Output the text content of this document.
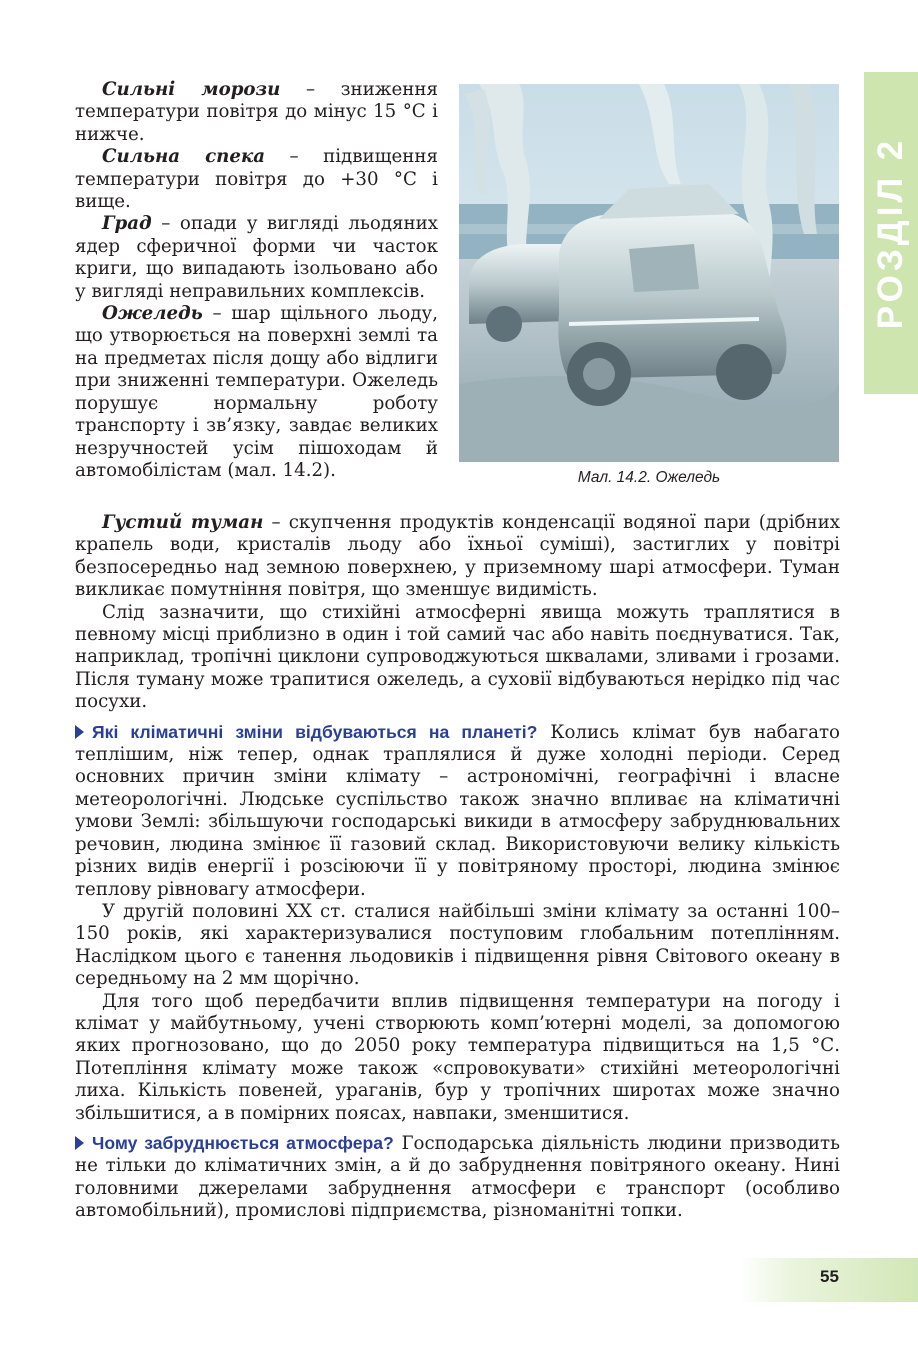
Сильні морози – зниження температури повітря до мінус 15 °С і нижче.

Сильна спека – підвищення температури повітря до +30 °С і вище.

Град – опади у вигляді льодяних ядер сферичної форми чи часток криги, що випадають ізольовано або у вигляді неправильних комплексів.

Ожеледь – шар щільного льоду, що утворюється на поверхні землі та на предметах після дощу або відлиги при зниженні температури. Ожеледь порушує нормальну роботу транспорту і зв’язку, завдає великих незручностей усім пішоходам й автомобілістам (мал. 14.2).	Мал. 14.2. Ожеледь

Густий туман – скупчення продуктів конденсації водяної пари (дрібних крапель води, кристалів льоду або їхньої суміші), застиглих у повітрі безпосередньо над земною поверхнею, у приземному шарі атмосфери. Туман викликає помутніння повітря, що зменшує видимість.

Слід зазначити, що стихійні атмосферні явища можуть траплятися в певному місці приблизно в один і той самий час або навіть поєднуватися. Так, наприклад, тропічні циклони супроводжуються шквалами, зливами і грозами. Після туману може трапитися ожеледь, а суховії відбуваються нерідко під час посухи.

Які кліматичні зміни відбуваються на планеті? Колись клімат був набагато теплішим, ніж тепер, однак траплялися й дуже холодні періоди. Серед основних причин зміни клімату – астрономічні, географічні і власне метеорологічні. Людське суспільство також значно впливає на кліматичні умови Землі: збільшуючи господарські викиди в атмосферу забруднювальних речовин, людина змінює її газовий склад. Використовуючи велику кількість різних видів енергії і розсіюючи її у повітряному просторі, людина змінює теплову рівновагу атмосфери.

У другій половині ХХ ст. сталися найбільші зміни клімату за останні 100–150 років, які характеризувалися поступовим глобальним потеплінням. Наслідком цього є танення льодовиків і підвищення рівня Світового океану в середньому на 2 мм щорічно.

Для того щоб передбачити вплив підвищення температури на погоду і клімат у майбутньому, учені створюють комп’ютерні моделі, за допомогою яких прогнозовано, що до 2050 року температура підвищиться на 1,5 °С. Потепління клімату може також «спровокувати» стихійні метеорологічні лиха. Кількість повеней, ураганів, бур у тропічних широтах може значно збільшитися, а в помірних поясах, навпаки, зменшитися.

Чому забруднюється атмосфера? Господарська діяльність людини призводить не тільки до кліматичних змін, а й до забруднення повітряного океану. Нині головними джерелами забруднення атмосфери є транспорт (особливо автомобільний), промислові підприємства, різноманітні топки.

РОЗДІЛ 2
55
